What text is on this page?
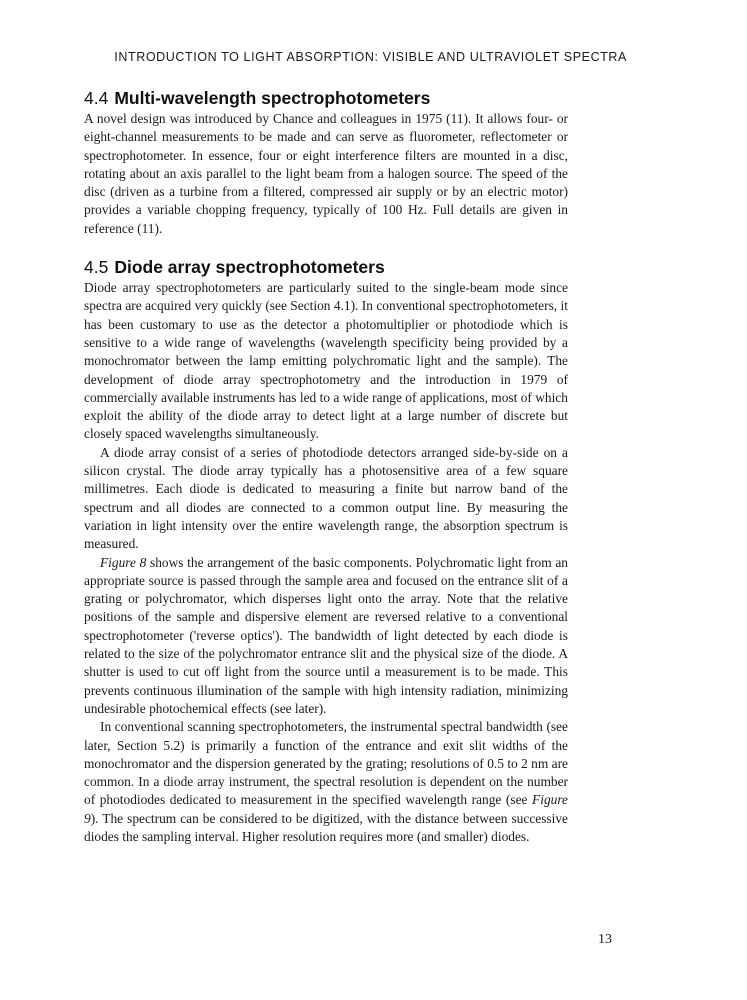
INTRODUCTION TO LIGHT ABSORPTION: VISIBLE AND ULTRAVIOLET SPECTRA
4.4 Multi-wavelength spectrophotometers

A novel design was introduced by Chance and colleagues in 1975 (11). It allows four- or eight-channel measurements to be made and can serve as fluorometer, reflectometer or spectrophotometer. In essence, four or eight interference filters are mounted in a disc, rotating about an axis parallel to the light beam from a halogen source. The speed of the disc (driven as a turbine from a filtered, compressed air supply or by an electric motor) provides a variable chopping frequency, typically of 100 Hz. Full details are given in reference (11).

4.5 Diode array spectrophotometers

Diode array spectrophotometers are particularly suited to the single-beam mode since spectra are acquired very quickly (see Section 4.1). In conventional spectrophotometers, it has been customary to use as the detector a photomultiplier or photodiode which is sensitive to a wide range of wavelengths (wavelength specificity being provided by a monochromator between the lamp emitting polychromatic light and the sample). The development of diode array spectrophotometry and the introduction in 1979 of commercially available instruments has led to a wide range of applications, most of which exploit the ability of the diode array to detect light at a large number of discrete but closely spaced wavelengths simultaneously.

A diode array consist of a series of photodiode detectors arranged side-by-side on a silicon crystal. The diode array typically has a photosensitive area of a few square millimetres. Each diode is dedicated to measuring a finite but narrow band of the spectrum and all diodes are connected to a common output line. By measuring the variation in light intensity over the entire wavelength range, the absorption spectrum is measured.

Figure 8 shows the arrangement of the basic components. Polychromatic light from an appropriate source is passed through the sample area and focused on the entrance slit of a grating or polychromator, which disperses light onto the array. Note that the relative positions of the sample and dispersive element are reversed relative to a conventional spectrophotometer ('reverse optics'). The bandwidth of light detected by each diode is related to the size of the polychromator entrance slit and the physical size of the diode. A shutter is used to cut off light from the source until a measurement is to be made. This prevents continuous illumination of the sample with high intensity radiation, minimizing undesirable photochemical effects (see later).

In conventional scanning spectrophotometers, the instrumental spectral bandwidth (see later, Section 5.2) is primarily a function of the entrance and exit slit widths of the monochromator and the dispersion generated by the grating; resolutions of 0.5 to 2 nm are common. In a diode array instrument, the spectral resolution is dependent on the number of photodiodes dedicated to measurement in the specified wavelength range (see Figure 9). The spectrum can be considered to be digitized, with the distance between successive diodes the sampling interval. Higher resolution requires more (and smaller) diodes.

13
